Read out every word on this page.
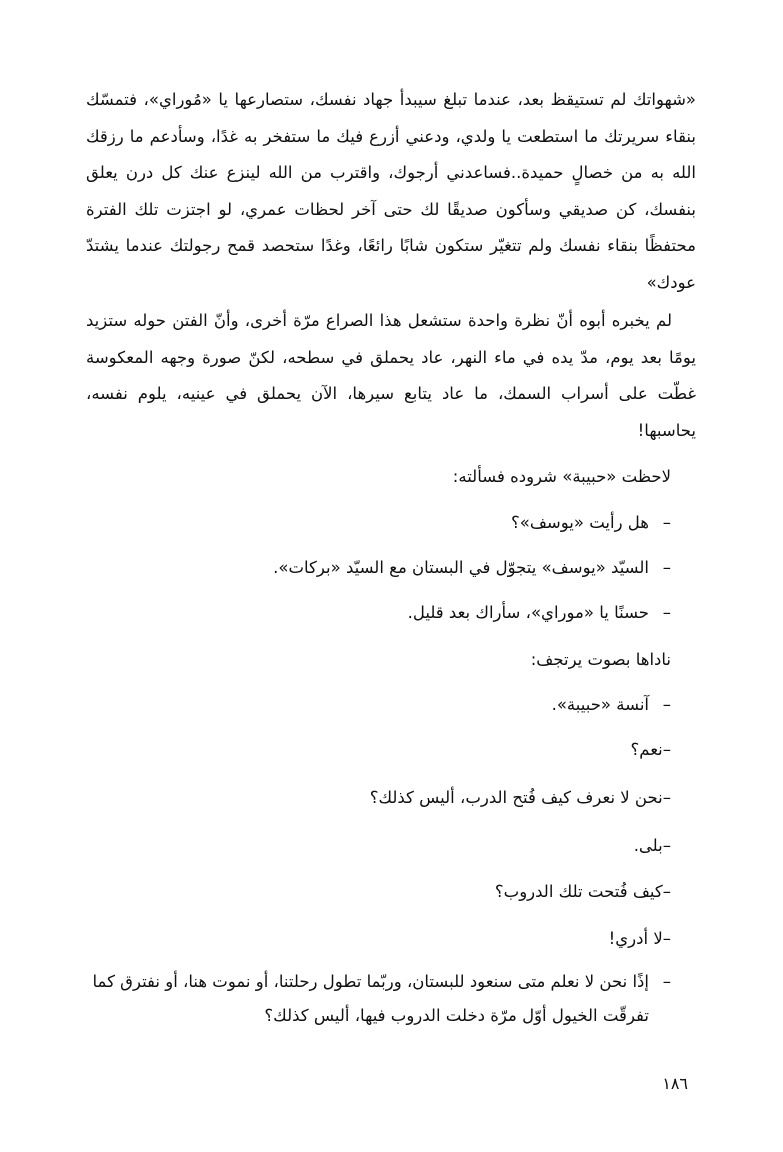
«شهواتك لم تستيقظ بعد، عندما تبلغ سيبدأ جهاد نفسك، ستصارعها يا «مُوراي»، فتمسّك بنقاء سريرتك ما استطعت يا ولدي، ودعني أزرع فيك ما ستفخر به غدًا، وسأدعم ما رزقك الله به من خصالٍ حميدة..فساعدني أرجوك، واقترب من الله لينزع عنك كل درن يعلق بنفسك، كن صديقي وسأكون صديقًا لك حتى آخر لحظات عمري، لو اجتزت تلك الفترة محتفظًا بنقاء نفسك ولم تتغيّر ستكون شابًا رائعًا، وغدًا ستحصد قمح رجولتك عندما يشتدّ عودك»

لم يخبره أبوه أنّ نظرة واحدة ستشعل هذا الصراع مرّة أخرى، وأنّ الفتن حوله ستزيد يومًا بعد يوم، مدّ يده في ماء النهر، عاد يحملق في سطحه، لكنّ صورة وجهه المعكوسة غطّت على أسراب السمك، ما عاد يتابع سيرها، الآن يحملق في عينيه، يلوم نفسه، يحاسبها!

لاحظت «حبيبة» شروده فسألته:

–هل رأيت «يوسف»؟

–السيّد «يوسف» يتجوّل في البستان مع السيّد «بركات».

–حسنًا يا «موراي»، سأراك بعد قليل.

ناداها بصوت يرتجف:

–آنسة «حبيبة».

–نعم؟

–نحن لا نعرف كيف فُتح الدرب، أليس كذلك؟

–بلى.

–كيف فُتحت تلك الدروب؟

–لا أدري!

–
إذًا نحن لا نعلم متى سنعود للبستان، وربّما تطول رحلتنا، أو نموت هنا، أو نفترق كما تفرقّت الخيول أوّل مرّة دخلت الدروب فيها، أليس كذلك؟

١٨٦
